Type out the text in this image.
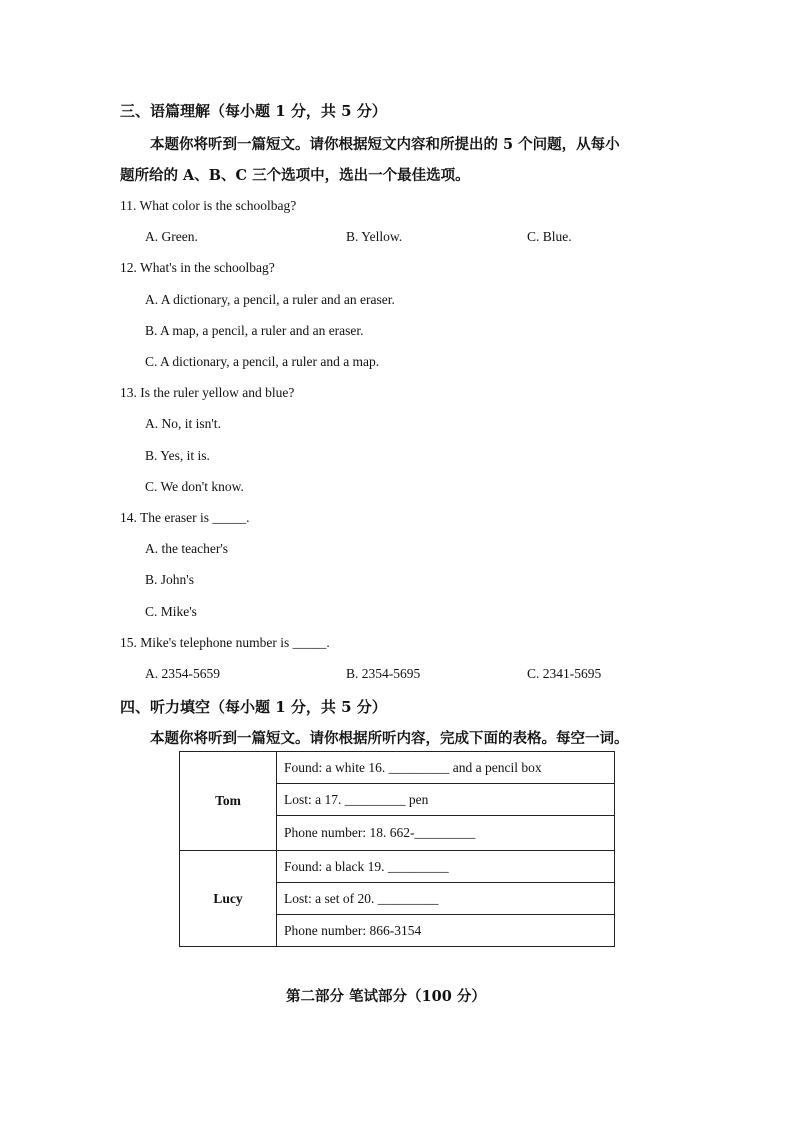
三、语篇理解（每小题 1 分，共 5 分）
本题你将听到一篇短文。请你根据短文内容和所提出的 5 个问题，从每小
题所给的 A、B、C 三个选项中，选出一个最佳选项。
11. What color is the schoolbag?
A. Green.	B. Yellow.	C. Blue.
12. What's in the schoolbag?
A. A dictionary, a pencil, a ruler and an eraser.
B. A map, a pencil, a ruler and an eraser.
C. A dictionary, a pencil, a ruler and a map.
13. Is the ruler yellow and blue?
A. No, it isn't.
B. Yes, it is.
C. We don't know.
14. The eraser is _____.
A. the teacher's
B. John's
C. Mike's
15. Mike's telephone number is _____.
A. 2354-5659	B. 2354-5695	C. 2341-5695
四、听力填空（每小题 1 分，共 5 分）
本题你将听到一篇短文。请你根据所听内容，完成下面的表格。每空一词。
Tom	Found: a white 16. _________ and a pencil box
	Lost: a 17. _________ pen
	Phone number: 18. 662-_________
Lucy	Found: a black 19. _________
	Lost: a set of 20. _________
	Phone number: 866-3154
第二部分 笔试部分（100 分）
